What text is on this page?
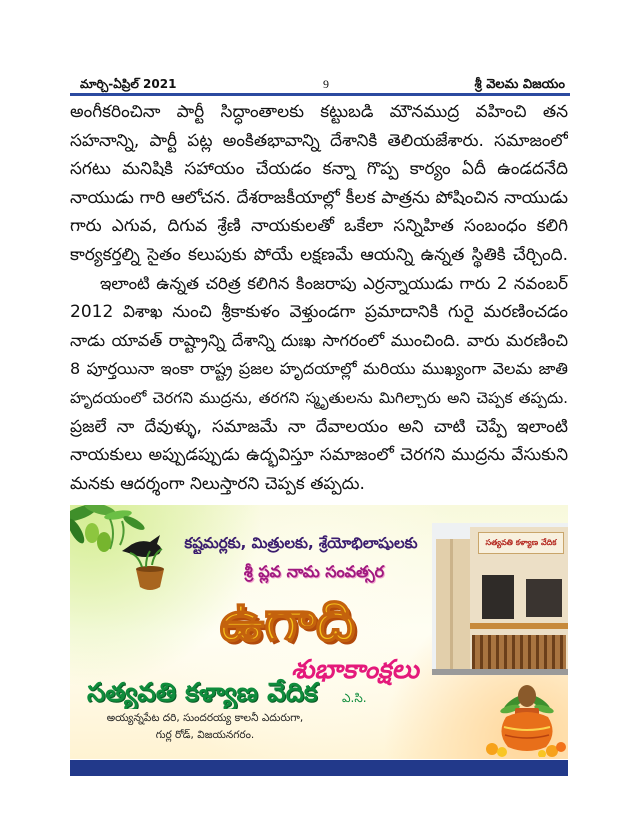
మార్చి-ఏప్రిల్ 2021	9	శ్రీ వెలమ విజయం
అంగీకరించినా పార్టీ సిద్ధాంతాలకు కట్టుబడి మౌనముద్ర వహించి తన
సహనాన్ని, పార్టీ పట్ల అంకితభావాన్ని దేశానికి తెలియజేశారు. సమాజంలో
సగటు మనిషికి సహాయం చేయడం కన్నా గొప్ప కార్యం ఏదీ ఉండదనేది
నాయుడు గారి ఆలోచన. దేశరాజకీయాల్లో కీలక పాత్రను పోషించిన నాయుడు
గారు ఎగువ, దిగువ శ్రేణి నాయకులతో ఒకేలా సన్నిహిత సంబంధం కలిగి
కార్యకర్తల్ని సైతం కలుపుకు పోయే లక్షణమే ఆయన్ని ఉన్నత స్థితికి చేర్చింది.
ఇలాంటి ఉన్నత చరిత్ర కలిగిన కింజరాపు ఎర్రన్నాయుడు గారు 2 నవంబర్
2012 విశాఖ నుంచి శ్రీకాకుళం వెళ్తుండగా ప్రమాదానికి గురై మరణించడం
నాడు యావత్ రాష్ట్రాన్ని దేశాన్ని దుఃఖ సాగరంలో ముంచింది. వారు మరణించి
8 పూర్తయినా ఇంకా రాష్ట్ర ప్రజల హృదయాల్లో మరియు ముఖ్యంగా వెలమ జాతి
హృదయంలో చెరగని ముద్రను, తరగని స్మృతులను మిగిల్చారు అని చెప్పక తప్పదు.
ప్రజలే నా దేవుళ్ళు, సమాజమే నా దేవాలయం అని చాటి చెప్పే ఇలాంటి
నాయకులు అప్పుడప్పుడు ఉద్భవిస్తూ సమాజంలో చెరగని ముద్రను వేసుకుని
మనకు ఆదర్శంగా నిలుస్తారని చెప్పక తప్పదు.
కష్టమర్లకు, మిత్రులకు, శ్రేయోభిలాషులకు
శ్రీ ప్లవ నామ సంవత్సర
ఉగాది
శుభాకాంక్షలు
సత్యవతి కళ్యాణ వేదిక	ఎ.సి.
అయ్యన్నపేట దరి, సుందరయ్య కాలనీ ఎదురుగా,
గుర్ల రోడ్, విజయనగరం.
సత్యవతి కళ్యాణ వేదిక
